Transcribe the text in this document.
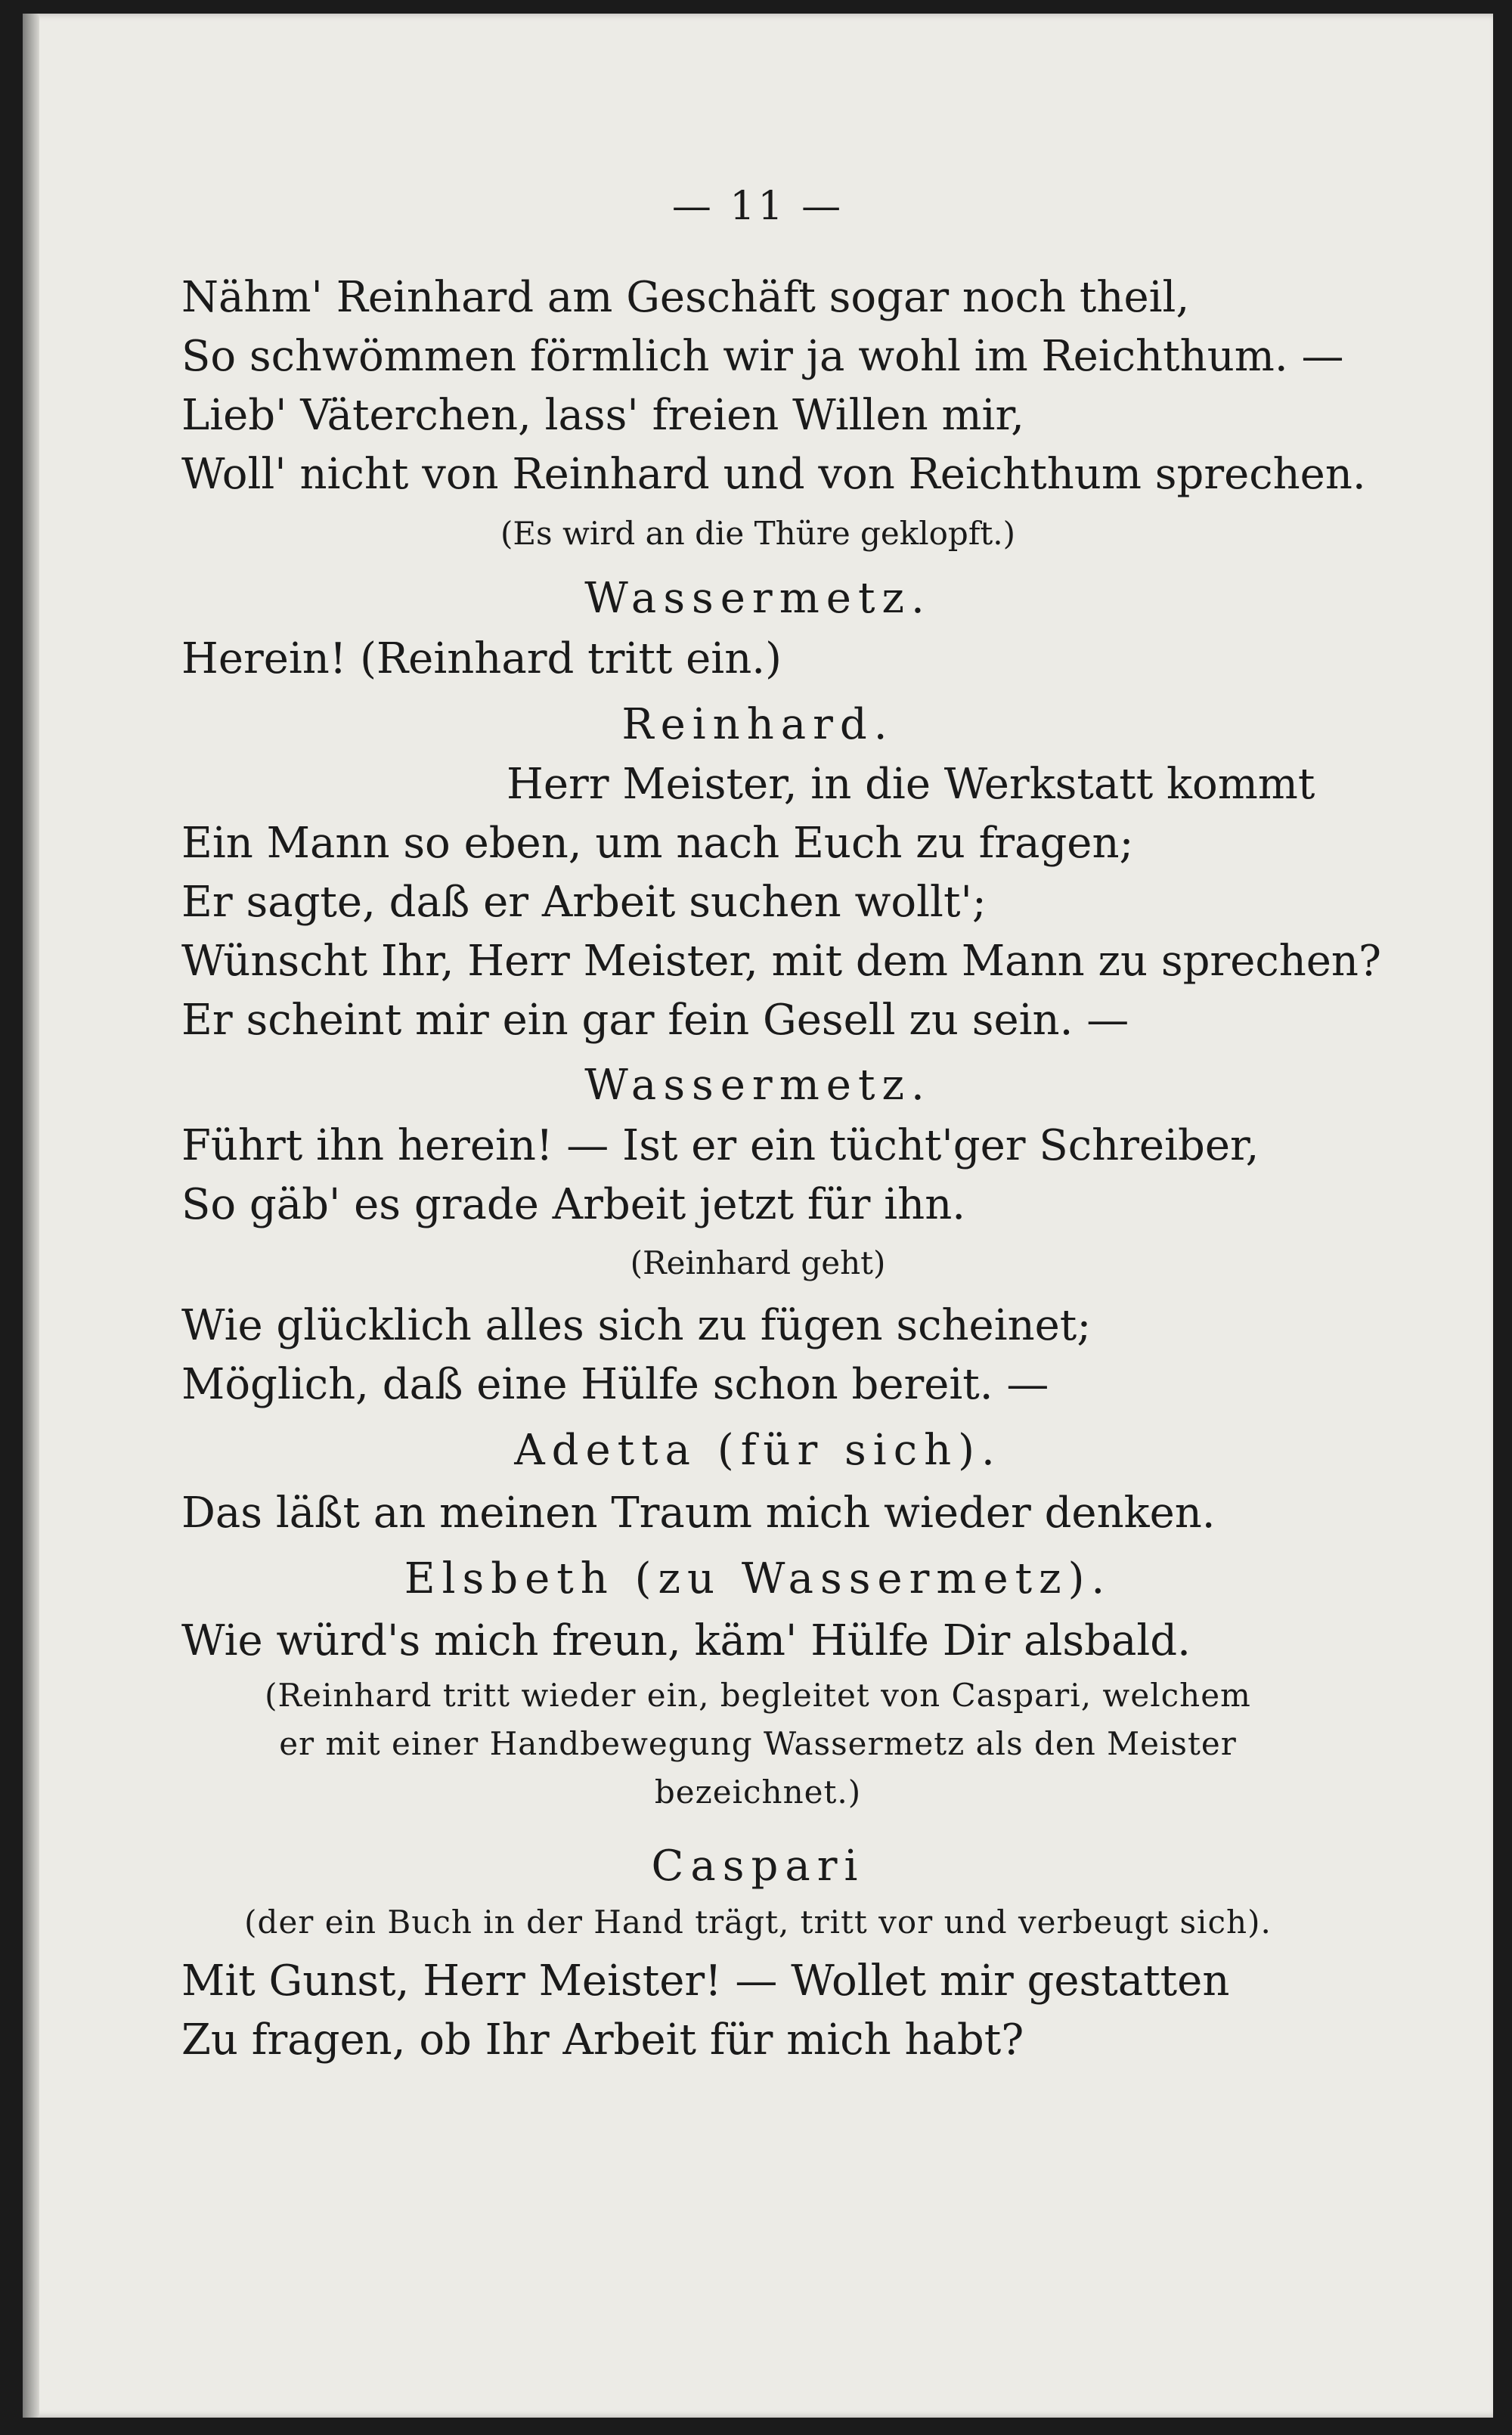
— 11 —
Nähm' Reinhard am Geschäft sogar noch theil,
So schwömmen förmlich wir ja wohl im Reichthum. —
Lieb' Väterchen, lass' freien Willen mir,
Woll' nicht von Reinhard und von Reichthum sprechen.
(Es wird an die Thüre geklopft.)
Wassermetz.
Herein! (Reinhard tritt ein.)
Reinhard.
Herr Meister, in die Werkstatt kommt
Ein Mann so eben, um nach Euch zu fragen;
Er sagte, daß er Arbeit suchen wollt';
Wünscht Ihr, Herr Meister, mit dem Mann zu sprechen?
Er scheint mir ein gar fein Gesell zu sein. —
Wassermetz.
Führt ihn herein! — Ist er ein tücht'ger Schreiber,
So gäb' es grade Arbeit jetzt für ihn.
(Reinhard geht)
Wie glücklich alles sich zu fügen scheinet;
Möglich, daß eine Hülfe schon bereit. —
Adetta (für sich).
Das läßt an meinen Traum mich wieder denken.
Elsbeth (zu Wassermetz).
Wie würd's mich freun, käm' Hülfe Dir alsbald.
(Reinhard tritt wieder ein, begleitet von Caspari, welchem
er mit einer Handbewegung Wassermetz als den Meister
bezeichnet.)
Caspari
(der ein Buch in der Hand trägt, tritt vor und verbeugt sich).
Mit Gunst, Herr Meister! — Wollet mir gestatten
Zu fragen, ob Ihr Arbeit für mich habt?
